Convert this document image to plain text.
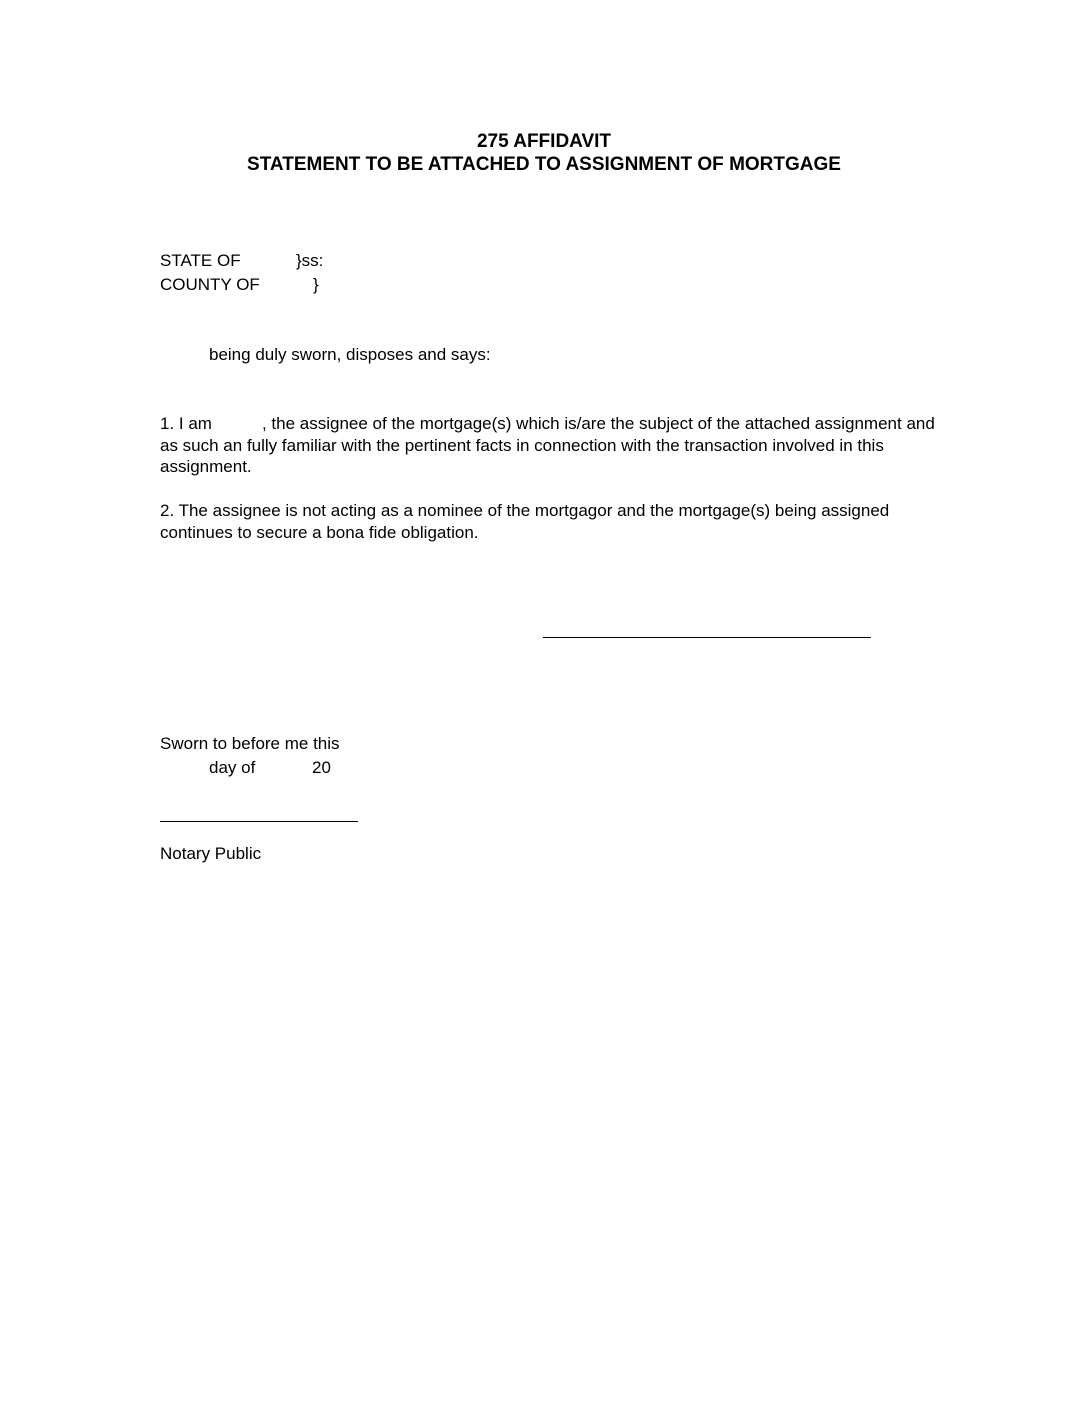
275 AFFIDAVIT
STATEMENT TO BE ATTACHED TO ASSIGNMENT OF MORTGAGE
STATE OF	}ss:
COUNTY OF	}
being duly sworn, disposes and says:
1. I am	, the assignee of the mortgage(s) which is/are the subject of the attached assignment and as such an fully familiar with the pertinent facts in connection with the transaction involved in this assignment.
2. The assignee is not acting as a nominee of the mortgagor and the mortgage(s) being assigned continues to secure a bona fide obligation.
Sworn to before me this
day of	20
Notary Public
